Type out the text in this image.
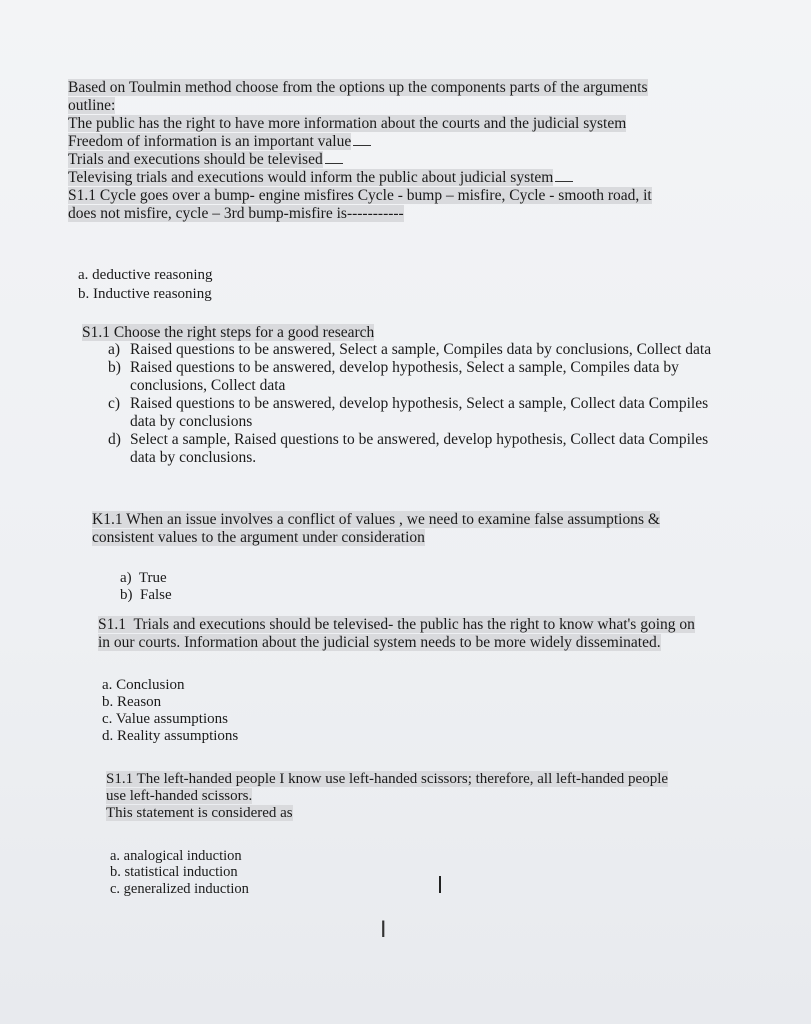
Based on Toulmin method choose from the options up the components parts of the arguments
outline:
The public has the right to have more information about the courts and the judicial system
Freedom of information is an important value
Trials and executions should be televised
Televising trials and executions would inform the public about judicial system
S1.1 Cycle goes over a bump- engine misfires Cycle - bump – misfire, Cycle - smooth road, it
does not misfire, cycle – 3rd bump-misfire is-----------
a. deductive reasoning
b. Inductive reasoning
S1.1 Choose the right steps for a good research
a) Raised questions to be answered, Select a sample, Compiles data by conclusions, Collect data
b) Raised questions to be answered, develop hypothesis, Select a sample, Compiles data by conclusions, Collect data
c) Raised questions to be answered, develop hypothesis, Select a sample, Collect data Compiles data by conclusions
d) Select a sample, Raised questions to be answered, develop hypothesis, Collect data Compiles data by conclusions.
K1.1 When an issue involves a conflict of values , we need to examine false assumptions &
consistent values to the argument under consideration
a)  True
b)  False
S1.1  Trials and executions should be televised- the public has the right to know what's going on
in our courts. Information about the judicial system needs to be more widely disseminated.
a. Conclusion
b. Reason
c. Value assumptions
d. Reality assumptions
S1.1 The left-handed people I know use left-handed scissors; therefore, all left-handed people
use left-handed scissors.
This statement is considered as
a. analogical induction
b. statistical induction
c. generalized induction
I
